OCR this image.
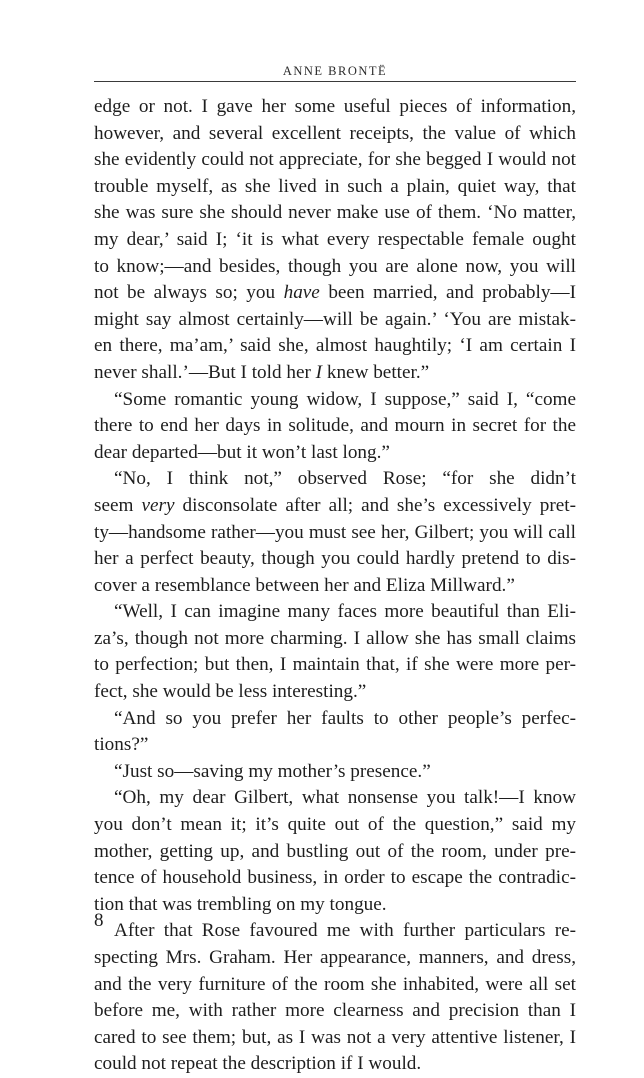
ANNE BRONTË
edge or not. I gave her some useful pieces of information,
however, and several excellent receipts, the value of which
she evidently could not appreciate, for she begged I would not
trouble myself, as she lived in such a plain, quiet way, that
she was sure she should never make use of them. ‘No matter,
my dear,’ said I; ‘it is what every respectable female ought
to know;—and besides, though you are alone now, you will
not be always so; you have been married, and probably—I
might say almost certainly—will be again.’ ‘You are mistak-
en there, ma’am,’ said she, almost haughtily; ‘I am certain I
never shall.’—But I told her I knew better.”
“Some romantic young widow, I suppose,” said I, “come
there to end her days in solitude, and mourn in secret for the
dear departed—but it won’t last long.”
“No, I think not,” observed Rose; “for she didn’t
seem very disconsolate after all; and she’s excessively pret-
ty—handsome rather—you must see her, Gilbert; you will call
her a perfect beauty, though you could hardly pretend to dis-
cover a resemblance between her and Eliza Millward.”
“Well, I can imagine many faces more beautiful than Eli-
za’s, though not more charming. I allow she has small claims
to perfection; but then, I maintain that, if she were more per-
fect, she would be less interesting.”
“And so you prefer her faults to other people’s perfec-
tions?”
“Just so—saving my mother’s presence.”
“Oh, my dear Gilbert, what nonsense you talk!—I know
you don’t mean it; it’s quite out of the question,” said my
mother, getting up, and bustling out of the room, under pre-
tence of household business, in order to escape the contradic-
tion that was trembling on my tongue.
After that Rose favoured me with further particulars re-
specting Mrs. Graham. Her appearance, manners, and dress,
and the very furniture of the room she inhabited, were all set
before me, with rather more clearness and precision than I
cared to see them; but, as I was not a very attentive listener, I
could not repeat the description if I would.
8
